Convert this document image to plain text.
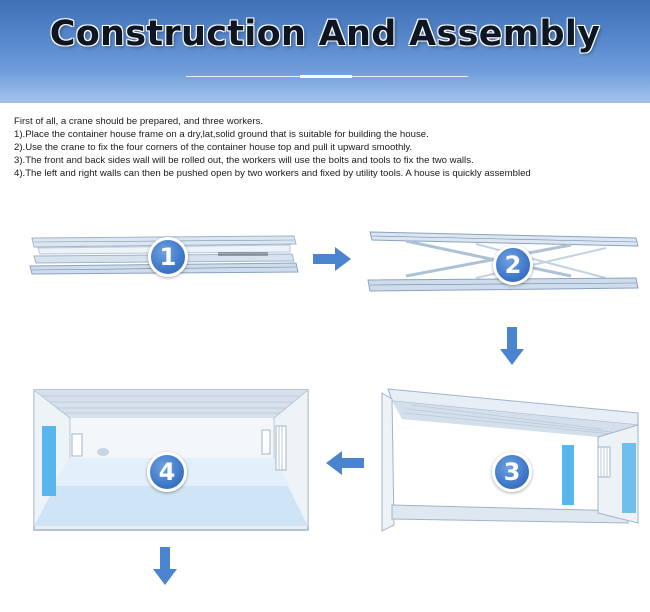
Construction And Assembly
First of all, a crane should be prepared, and three workers.
1).Place the container house frame on a dry,lat,solid ground that is suitable for building the house.
2).Use the crane to fix the four corners of the container house top and pull it upward smoothly.
3).The front and back sides wall will be rolled out, the workers will use the bolts and tools to fix the two walls.
4).The left and right walls can then be pushed open by two workers and fixed by utility tools. A house is quickly assembled
1	2
3
4
